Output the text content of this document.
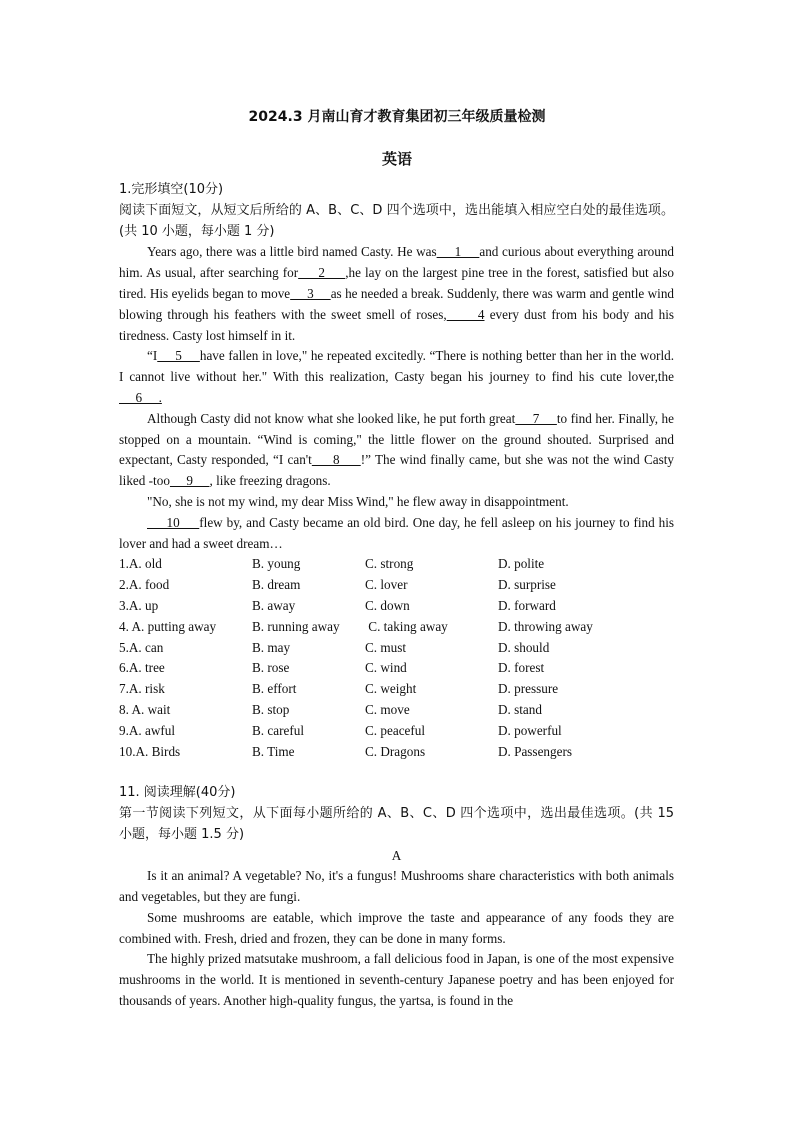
2024.3 月南山育才教育集团初三年级质量检测
英语

1.完形填空(10分)

阅读下面短文，从短文后所给的 A、B、C、D 四个选项中，选出能填入相应空白处的最佳选项。(共 10 小题，每小题 1 分)

Years ago, there was a little bird named Casty. He was     1     and curious about everything around him. As usual, after searching for     2     ,he lay on the largest pine tree in the forest, satisfied but also tired. His eyelids began to move     3     as he needed a break. Suddenly, there was warm and gentle wind blowing through his feathers with the sweet smell of roses,      4 every dust from his body and his tiredness. Casty lost himself in it.

“I     5     have fallen in love," he repeated excitedly. “There is nothing better than her in the world. I cannot live without her." With this realization, Casty began his journey to find his cute lover,the     6     .

Although Casty did not know what she looked like, he put forth great     7     to find her. Finally, he stopped on a mountain. “Wind is coming," the little flower on the ground shouted. Surprised and expectant, Casty responded, “I can't     8     !” The wind finally came, but she was not the wind Casty liked -too     9     , like freezing dragons.

"No, she is not my wind, my dear Miss Wind," he flew away in disappointment.

10     flew by, and Casty became an old bird. One day, he fell asleep on his journey to find his lover and had a sweet dream…

1.A. old	B. young	C. strong	D. polite
2.A. food	B. dream	C. lover	D. surprise
3.A. up	B. away	C. down	D. forward
4. A. putting away	B. running away	C. taking away	D. throwing away
5.A. can	B. may	C. must	D. should
6.A. tree	B. rose	C. wind	D. forest
7.A. risk	B. effort	C. weight	D. pressure
8. A. wait	B. stop	C. move	D. stand
9.A. awful	B. careful	C. peaceful	D. powerful
10.A. Birds	B. Time	C. Dragons	D. Passengers

11. 阅读理解(40分)

第一节阅读下列短文，从下面每小题所给的 A、B、C、D 四个选项中，选出最佳选项。(共 15 小题，每小题 1.5 分)

A

Is it an animal? A vegetable? No, it's a fungus! Mushrooms share characteristics with both animals and vegetables, but they are fungi.

Some mushrooms are eatable, which improve the taste and appearance of any foods they are combined with. Fresh, dried and frozen, they can be done in many forms.

The highly prized matsutake mushroom, a fall delicious food in Japan, is one of the most expensive mushrooms in the world. It is mentioned in seventh-century Japanese poetry and has been enjoyed for thousands of years. Another high-quality fungus, the yartsa, is found in the
